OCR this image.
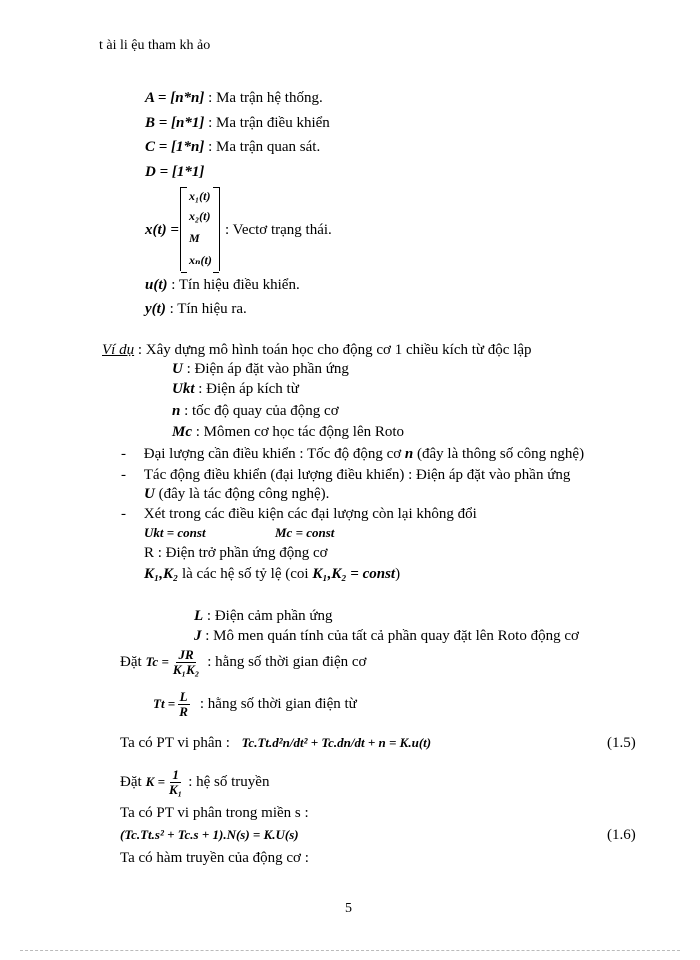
t ài li ệu tham kh ảo
A = [n*n] : Ma trận hệ thống.
B = [n*1] : Ma trận điều khiển
C = [1*n] : Ma trận quan sát.
D = [1*1]
x(t) =
x₁(t)
x₂(t)
M
xₙ(t)
: Vectơ trạng thái.
u(t) : Tín hiệu điều khiển.
y(t) : Tín hiệu ra.
Ví dụ : Xây dựng mô hình toán học cho động cơ 1 chiều kích từ độc lập
U : Điện áp đặt vào phần ứng
Ukt : Điện áp kích từ
n : tốc độ quay của động cơ
Mc : Mômen cơ học tác động lên Roto
- Đại lượng cần điều khiển : Tốc độ động cơ n (đây là thông số công nghệ)
- Tác động điều khiển (đại lượng điều khiển) : Điện áp đặt vào phần ứng
U (đây là tác động công nghệ).
- Xét trong các điều kiện các đại lượng còn lại không đổi
Ukt = const	Mc = const
R : Điện trở phần ứng động cơ
K₁,K₂ là các hệ số tỷ lệ (coi K₁,K₂ = const)
L : Điện cảm phần ứng
J : Mô men quán tính của tất cả phần quay đặt lên Roto động cơ
Đặt $Tc = \frac{JR}{\text{K₁K₂}}$ : hằng số thời gian điện cơ
$Tt = \frac{L}{R}$ : hằng số thời gian điện từ
Ta có PT vi phân : Tc.Tt.d²n/dt² + Tc.dn/dt + n = K.u(t)	(1.5)
Đặt $K = \frac{1}{\text{K₁}}$ : hệ số truyền
Ta có PT vi phân trong miền s :
(Tc.Tt.s² + Tc.s + 1).N(s) = K.U(s)	(1.6)
Ta có hàm truyền của động cơ :
5
